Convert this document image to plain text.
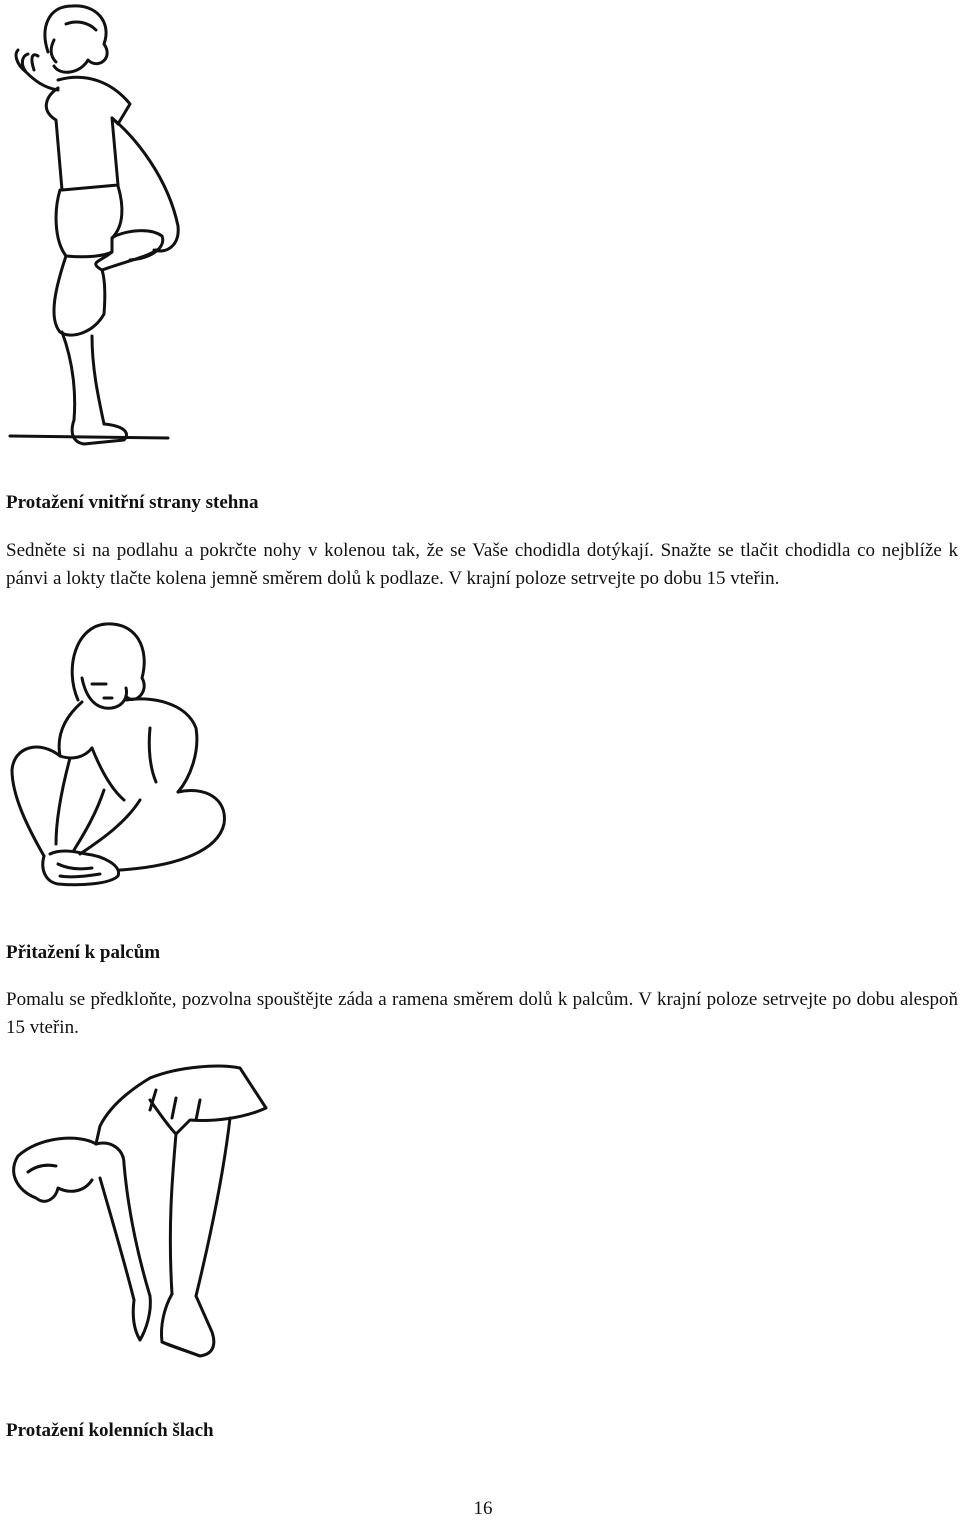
Protažení vnitřní strany stehna

Sedněte si na podlahu a pokrčte nohy v kolenou tak, že se Vaše chodidla dotýkají. Snažte se tlačit chodidla co nejblíže k pánvi a lokty tlačte kolena jemně směrem dolů k podlaze. V krajní poloze setrvejte po dobu 15 vteřin.

Přitažení k palcům

Pomalu se předkloňte, pozvolna spouštějte záda a ramena směrem dolů k palcům. V krajní poloze setrvejte po dobu alespoň 15 vteřin.

Protažení kolenních šlach
16
